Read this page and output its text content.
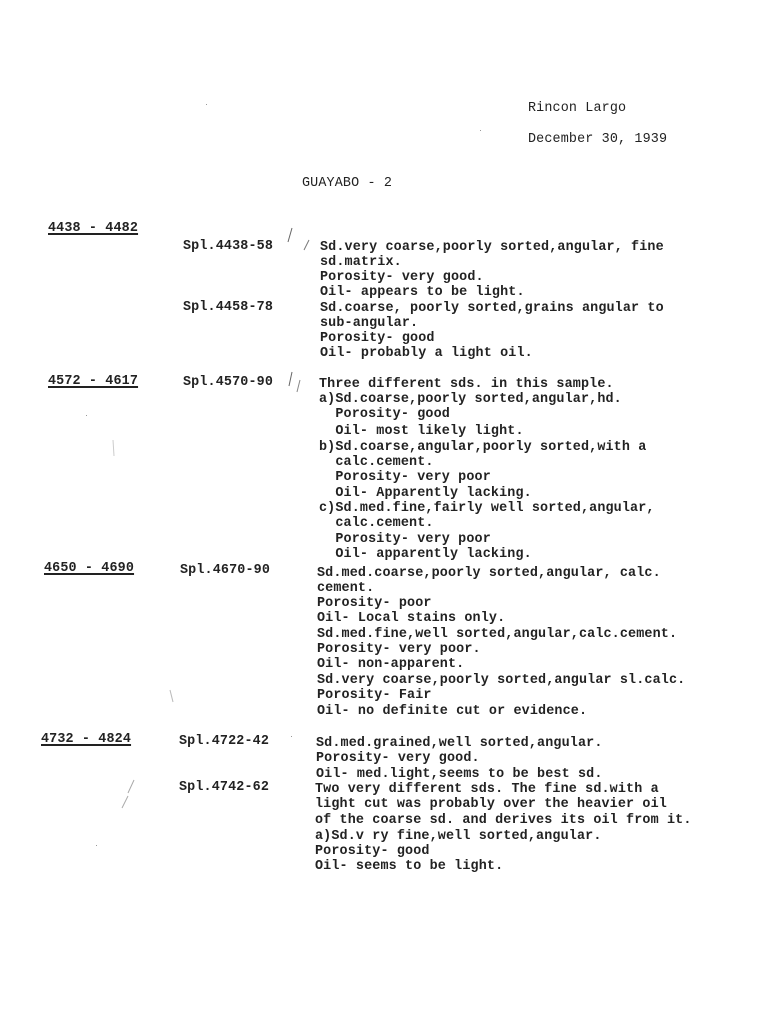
Rincon Largo
December 30, 1939
GUAYABO - 2
4438 - 4482
Spl.4438-58	Sd.very coarse,poorly sorted,angular, fine
sd.matrix.
Porosity- very good.
Oil- appears to be light.
Spl.4458-78	Sd.coarse, poorly sorted,grains angular to
sub-angular.
Porosity- good
Oil- probably a light oil.
4572 - 4617	Spl.4570-90	Three different sds. in this sample.
a)Sd.coarse,poorly sorted,angular,hd.
Porosity- good
Oil- most likely light.
b)Sd.coarse,angular,poorly sorted,with a
calc.cement.
Porosity- very poor
Oil- Apparently lacking.
c)Sd.med.fine,fairly well sorted,angular,
calc.cement.
Porosity- very poor
Oil- apparently lacking.
4650 - 4690	Spl.4670-90	Sd.med.coarse,poorly sorted,angular, calc.
cement.
Porosity- poor
Oil- Local stains only.
Sd.med.fine,well sorted,angular,calc.cement.
Porosity- very poor.
Oil- non-apparent.
Sd.very coarse,poorly sorted,angular sl.calc.
Porosity- Fair
Oil- no definite cut or evidence.
4732 - 4824	Spl.4722-42	Sd.med.grained,well sorted,angular.
Porosity- very good.
Oil- med.light,seems to be best sd.
Spl.4742-62	Two very different sds. The fine sd.with a
light cut was probably over the heavier oil
of the coarse sd. and derives its oil from it.
a)Sd.v ry fine,well sorted,angular.
Porosity- good
Oil- seems to be light.
